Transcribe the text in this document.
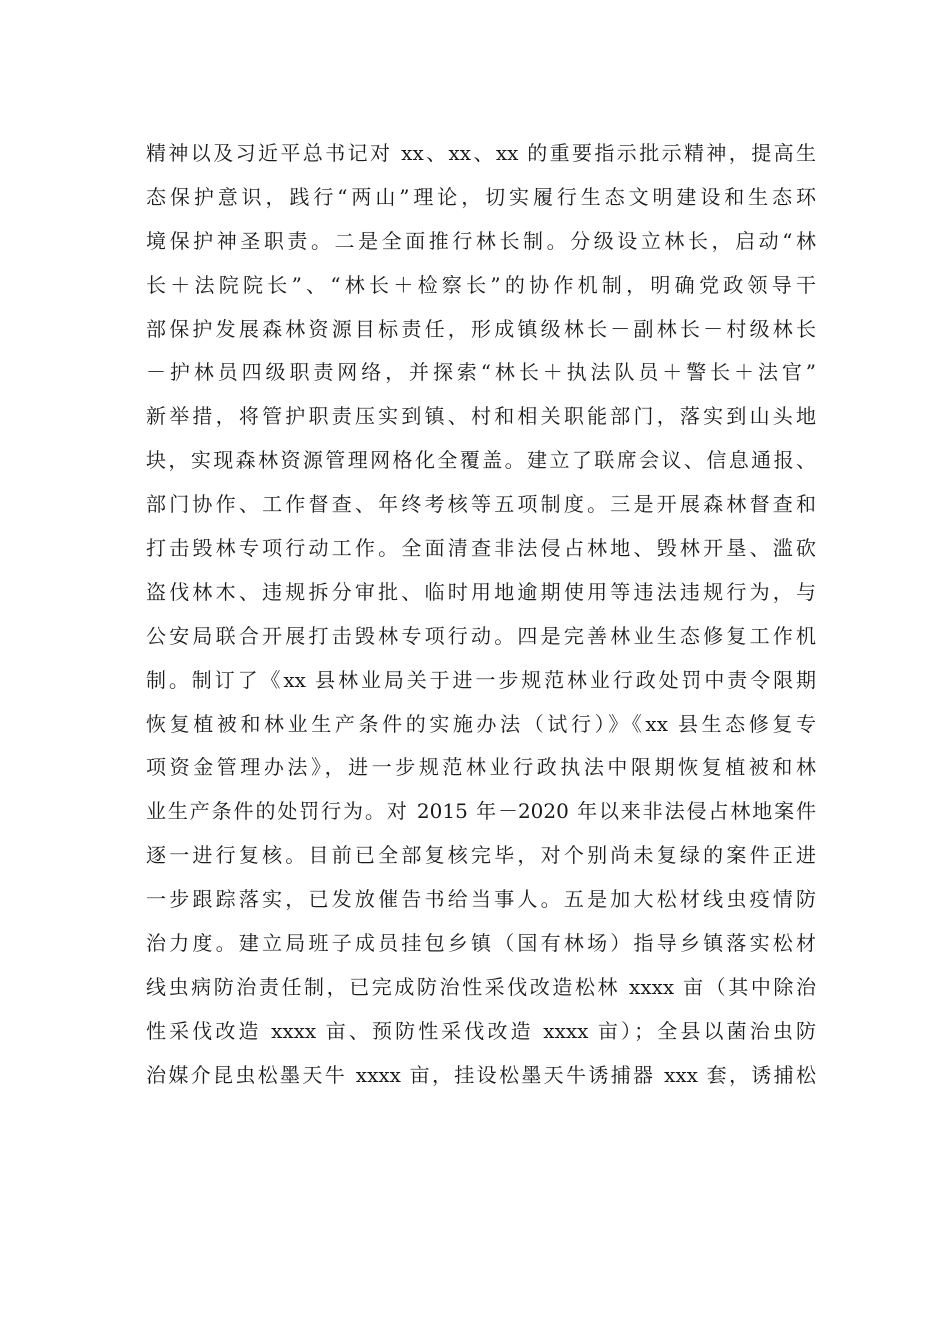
精神以及习近平总书记对 xx、xx、xx 的重要指示批示精神，提高生
态保护意识，践行“两山”理论，切实履行生态文明建设和生态环
境保护神圣职责。二是全面推行林长制。分级设立林长，启动“林
长＋法院院长”、“林长＋检察长”的协作机制，明确党政领导干
部保护发展森林资源目标责任，形成镇级林长－副林长－村级林长
－护林员四级职责网络，并探索“林长＋执法队员＋警长＋法官”
新举措，将管护职责压实到镇、村和相关职能部门，落实到山头地
块，实现森林资源管理网格化全覆盖。建立了联席会议、信息通报、
部门协作、工作督查、年终考核等五项制度。三是开展森林督查和
打击毁林专项行动工作。全面清查非法侵占林地、毁林开垦、滥砍
盗伐林木、违规拆分审批、临时用地逾期使用等违法违规行为，与
公安局联合开展打击毁林专项行动。四是完善林业生态修复工作机
制。制订了《xx 县林业局关于进一步规范林业行政处罚中责令限期
恢复植被和林业生产条件的实施办法（试行）》《xx 县生态修复专
项资金管理办法》，进一步规范林业行政执法中限期恢复植被和林
业生产条件的处罚行为。对 2015 年－2020 年以来非法侵占林地案件
逐一进行复核。目前已全部复核完毕，对个别尚未复绿的案件正进
一步跟踪落实，已发放催告书给当事人。五是加大松材线虫疫情防
治力度。建立局班子成员挂包乡镇（国有林场）指导乡镇落实松材
线虫病防治责任制，已完成防治性采伐改造松林 xxxx 亩（其中除治
性采伐改造 xxxx 亩、预防性采伐改造 xxxx 亩）；全县以菌治虫防
治媒介昆虫松墨天牛 xxxx 亩，挂设松墨天牛诱捕器 xxx 套，诱捕松
